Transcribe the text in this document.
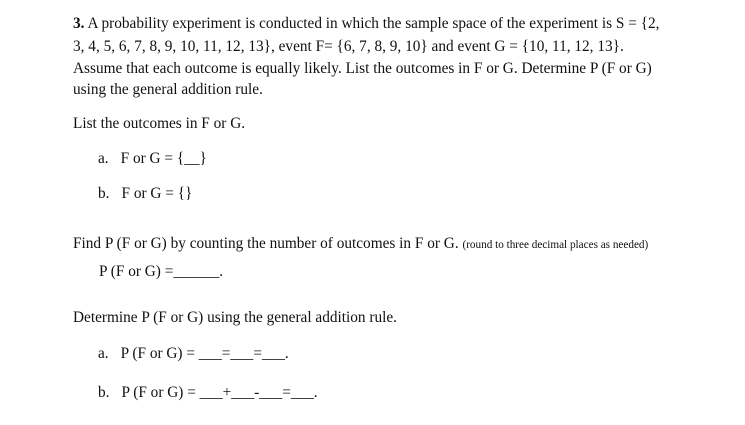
3. A probability experiment is conducted in which the sample space of the experiment is S = {2,
3, 4, 5, 6, 7, 8, 9, 10, 11, 12, 13}, event F= {6, 7, 8, 9, 10} and event G = {10, 11, 12, 13}.
Assume that each outcome is equally likely. List the outcomes in F or G. Determine P (F or G)
using the general addition rule.
List the outcomes in F or G.
a. F or G = {__}
b. F or G = {}
Find P (F or G) by counting the number of outcomes in F or G. (round to three decimal places as needed)
P (F or G) =______.
Determine P (F or G) using the general addition rule.
a. P (F or G) = ___=___=___.
b. P (F or G) = ___+___-___=___.
